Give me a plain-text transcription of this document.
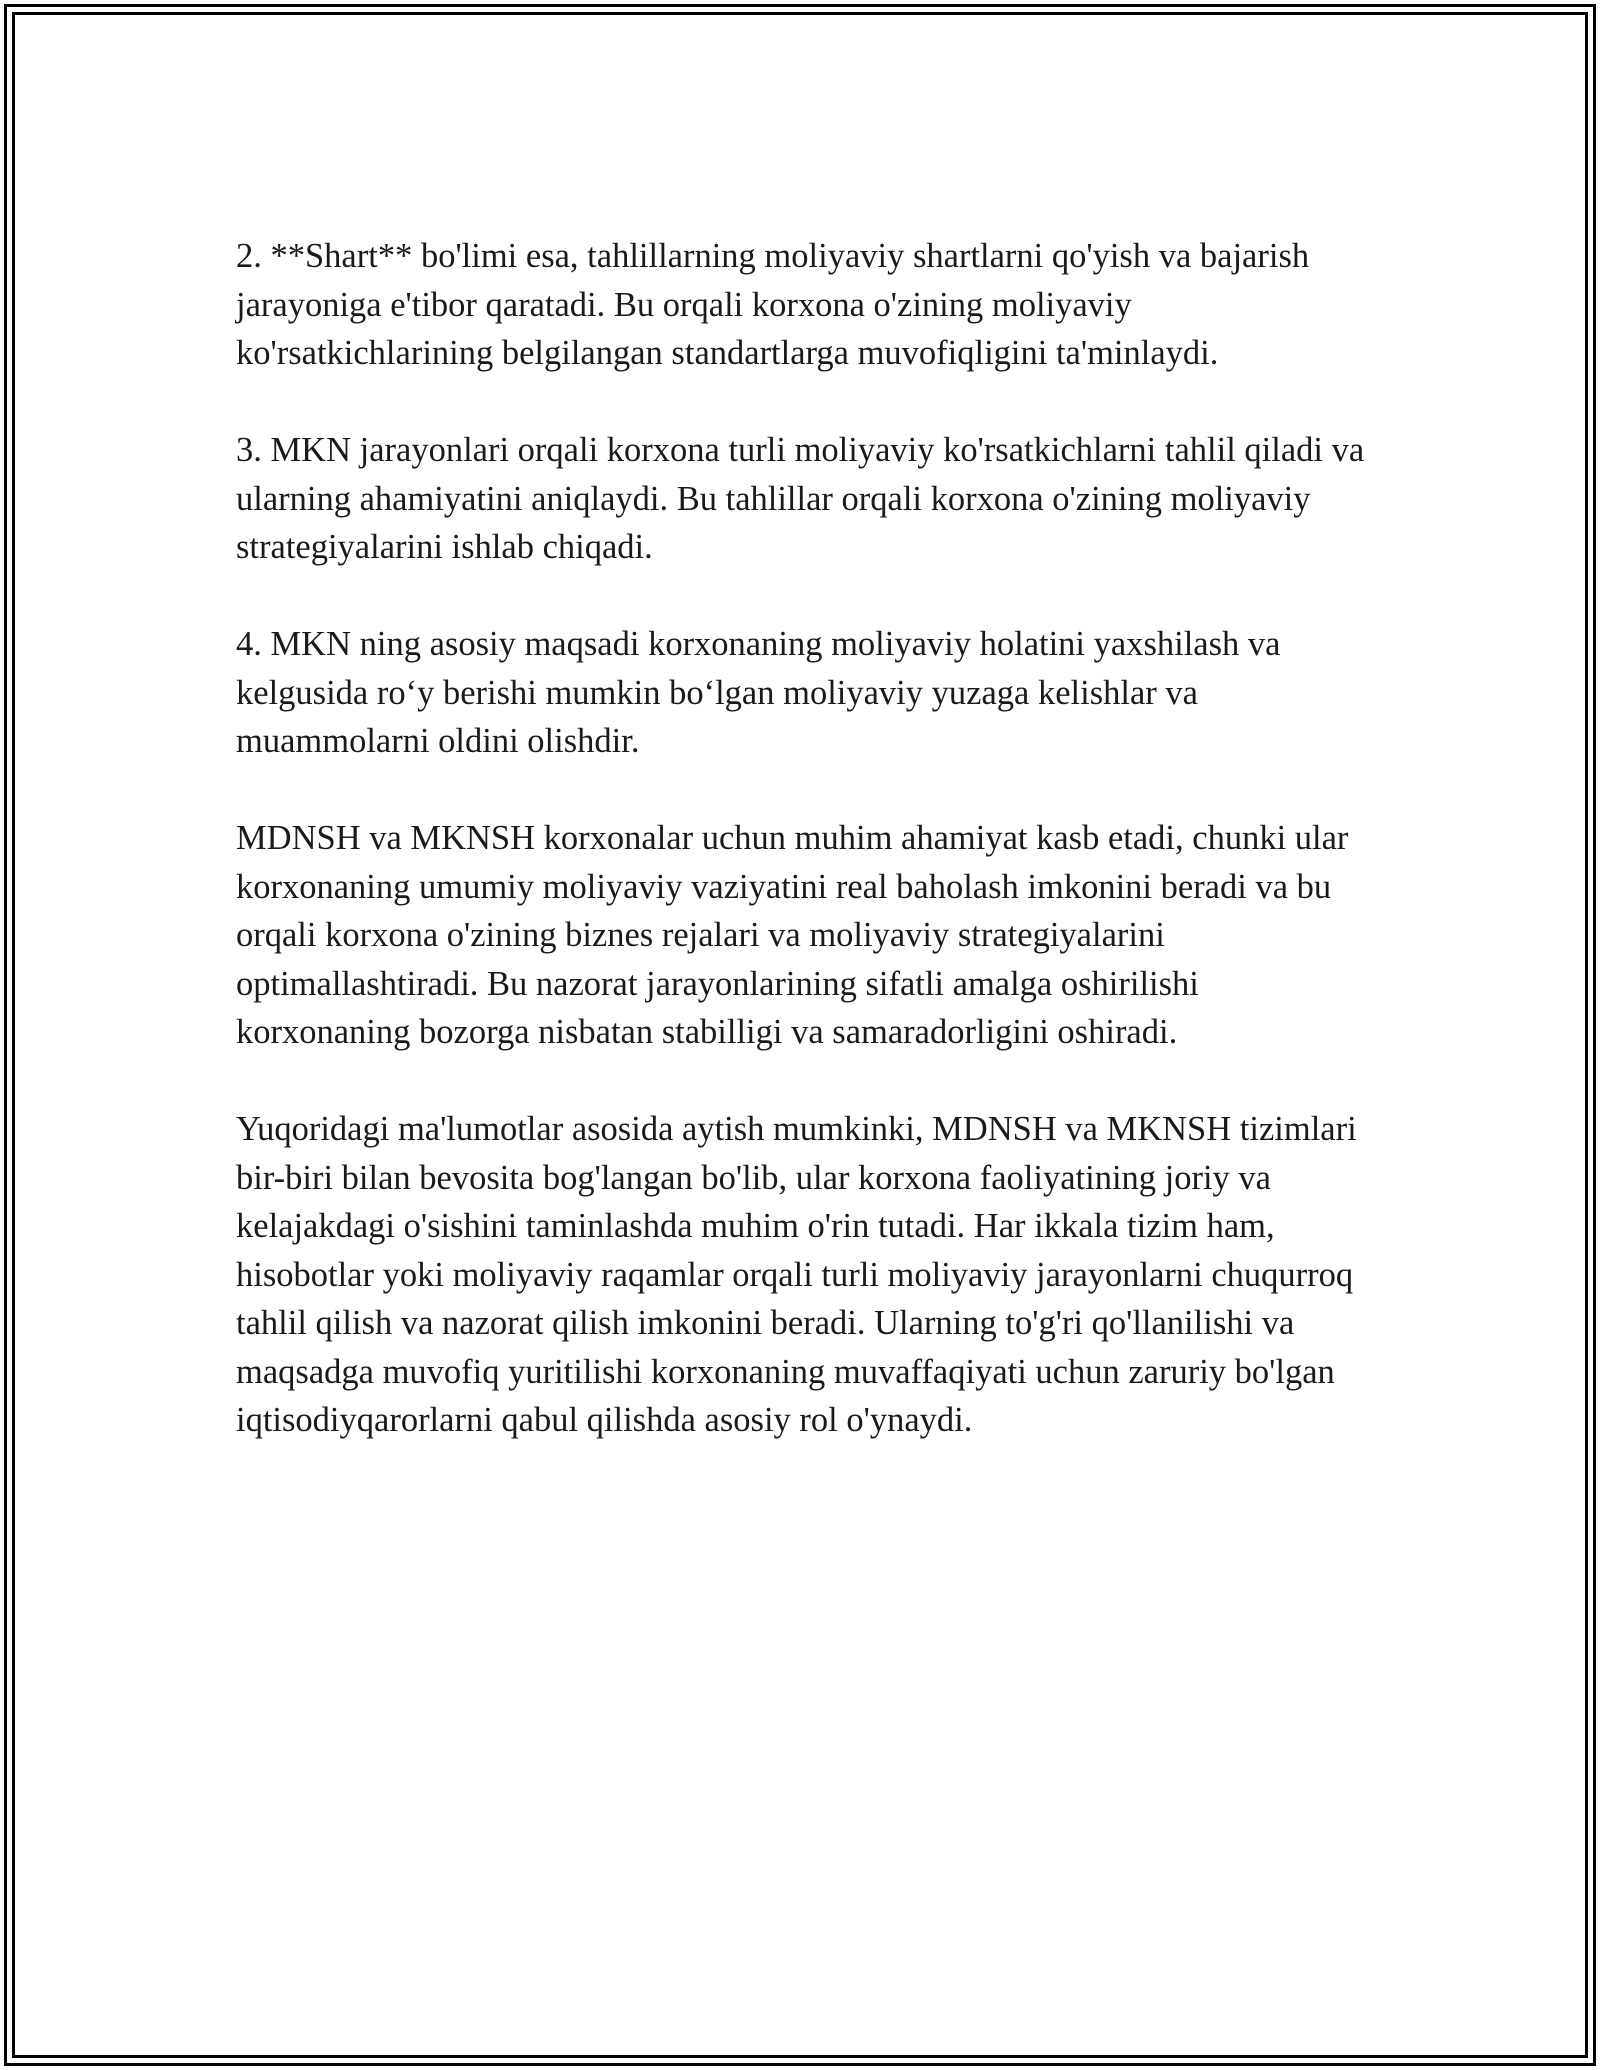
2. **Shart** bo'limi esa, tahlillarning moliyaviy shartlarni qo'yish va bajarish jarayoniga e'tibor qaratadi. Bu orqali korxona o'zining moliyaviy ko'rsatkichlarining belgilangan standartlarga muvofiqligini ta'minlaydi.

3. MKN jarayonlari orqali korxona turli moliyaviy ko'rsatkichlarni tahlil qiladi va ularning ahamiyatini aniqlaydi. Bu tahlillar orqali korxona o'zining moliyaviy strategiyalarini ishlab chiqadi.

4. MKN ning asosiy maqsadi korxonaning moliyaviy holatini yaxshilash va kelgusida ro‘y berishi mumkin bo‘lgan moliyaviy yuzaga kelishlar va muammolarni oldini olishdir.

MDNSH va MKNSH korxonalar uchun muhim ahamiyat kasb etadi, chunki ular korxonaning umumiy moliyaviy vaziyatini real baholash imkonini beradi va bu orqali korxona o'zining biznes rejalari va moliyaviy strategiyalarini optimallashtiradi. Bu nazorat jarayonlarining sifatli amalga oshirilishi korxonaning bozorga nisbatan stabilligi va samaradorligini oshiradi.

Yuqoridagi ma'lumotlar asosida aytish mumkinki, MDNSH va MKNSH tizimlari bir-biri bilan bevosita bog'langan bo'lib, ular korxona faoliyatining joriy va kelajakdagi o'sishini taminlashda muhim o'rin tutadi. Har ikkala tizim ham, hisobotlar yoki moliyaviy raqamlar orqali turli moliyaviy jarayonlarni chuqurroq tahlil qilish va nazorat qilish imkonini beradi. Ularning to'g'ri qo'llanilishi va maqsadga muvofiq yuritilishi korxonaning muvaffaqiyati uchun zaruriy bo'lgan iqtisodiyqarorlarni qabul qilishda asosiy rol o'ynaydi.
